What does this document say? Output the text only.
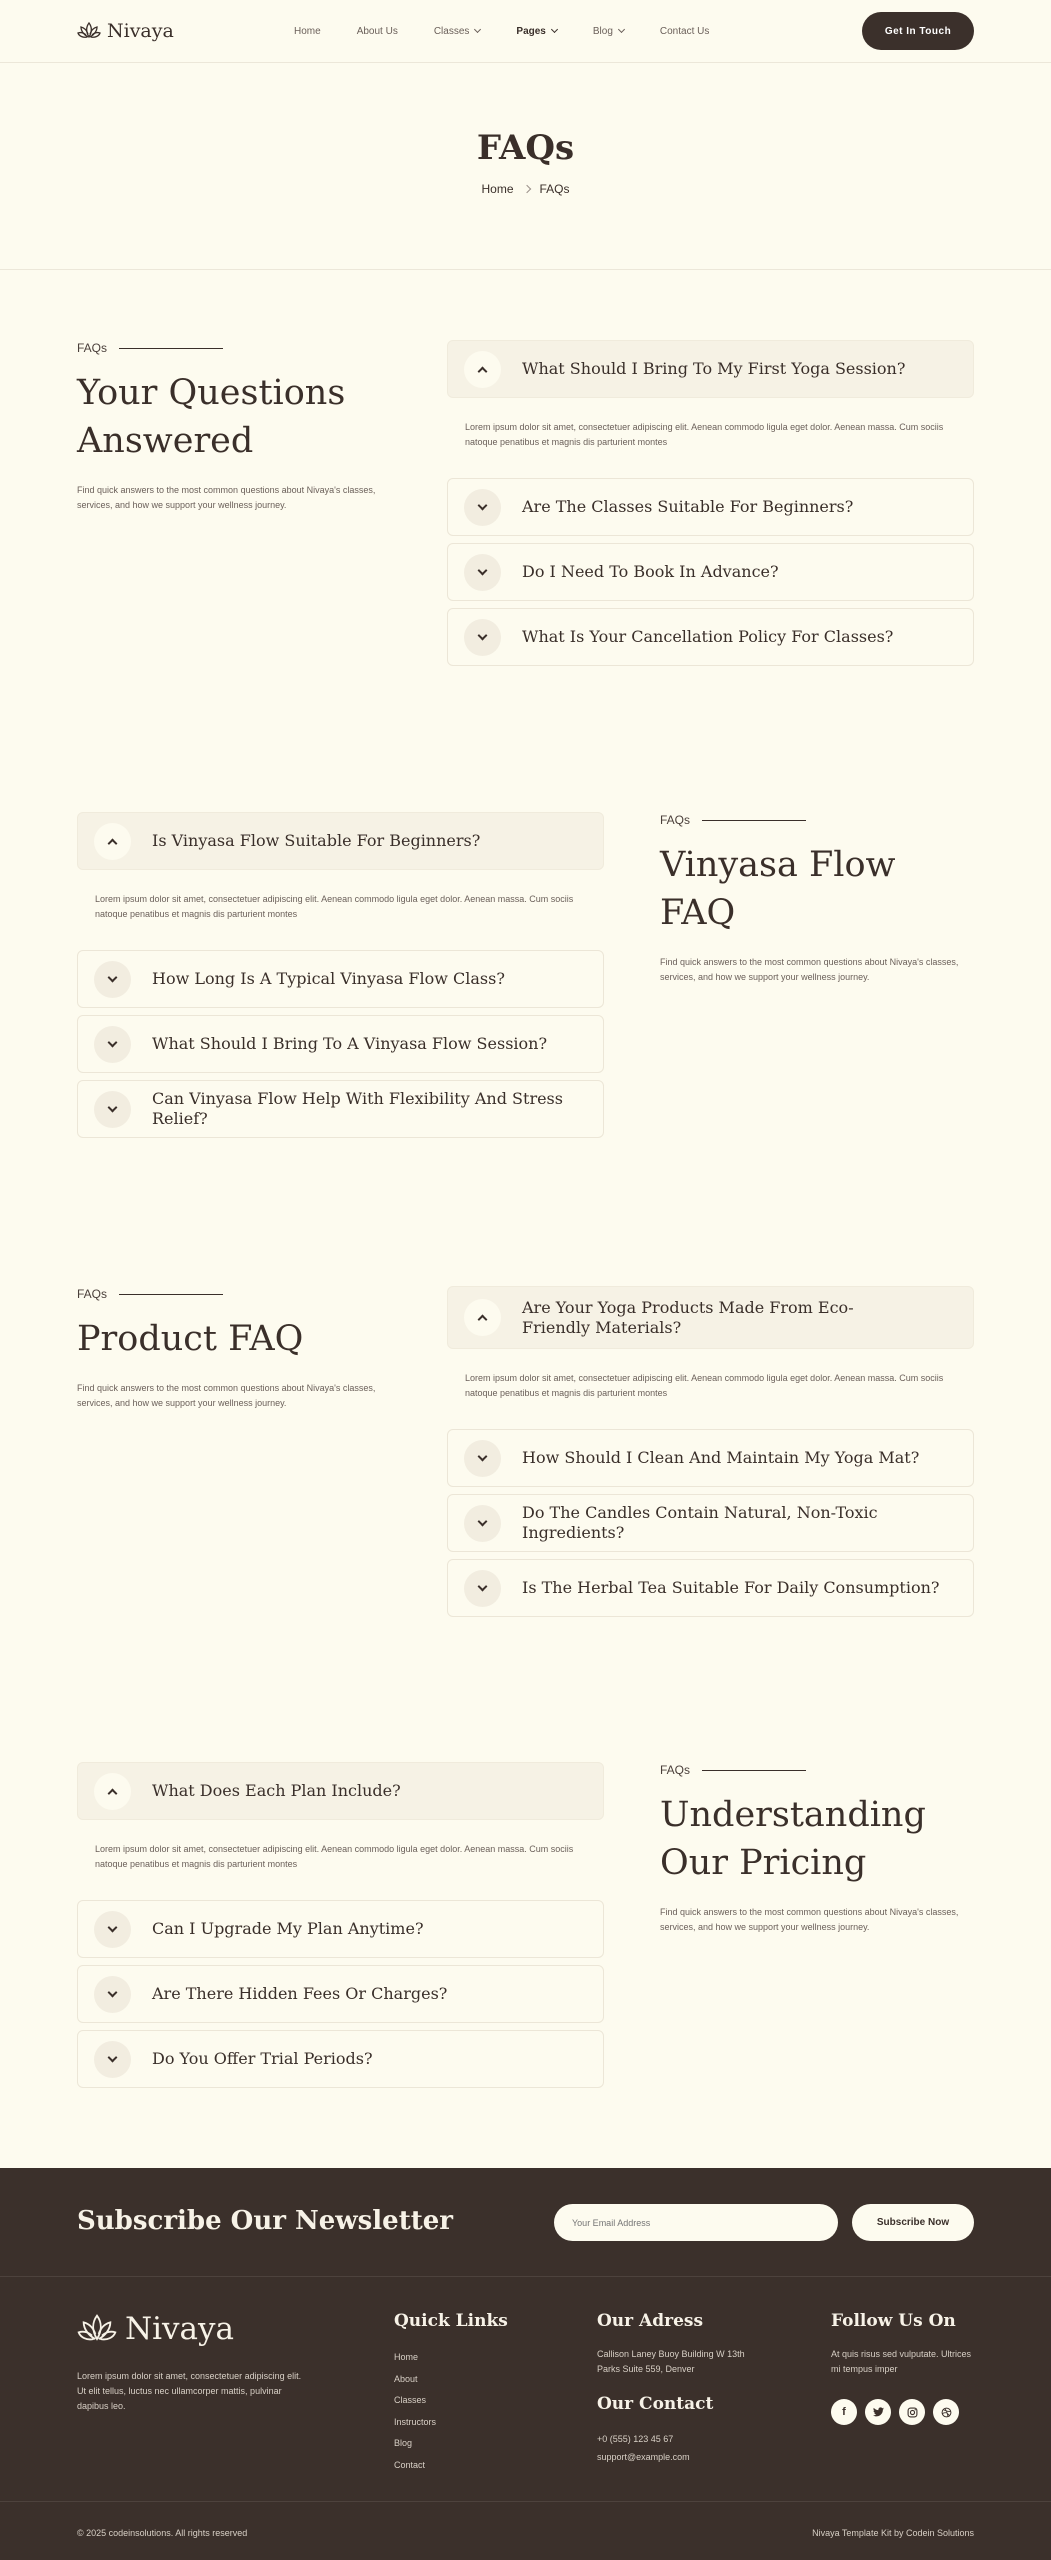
Nivaya	Home	About Us	Classes	Pages	Blog	Contact Us	Get In Touch
FAQs
Home FAQs
FAQs
Your Questions Answered

Find quick answers to the most common questions about Nivaya's classes, services, and how we support your wellness journey.

What Should I Bring To My First Yoga Session?

Lorem ipsum dolor sit amet, consectetuer adipiscing elit. Aenean commodo ligula eget dolor. Aenean massa. Cum sociis natoque penatibus et magnis dis parturient montes

Are The Classes Suitable For Beginners?
Do I Need To Book In Advance?
What Is Your Cancellation Policy For Classes?
Is Vinyasa Flow Suitable For Beginners?

Lorem ipsum dolor sit amet, consectetuer adipiscing elit. Aenean commodo ligula eget dolor. Aenean massa. Cum sociis natoque penatibus et magnis dis parturient montes

How Long Is A Typical Vinyasa Flow Class?
What Should I Bring To A Vinyasa Flow Session?
Can Vinyasa Flow Help With Flexibility And Stress Relief?
FAQs
Vinyasa Flow FAQ

Find quick answers to the most common questions about Nivaya's classes, services, and how we support your wellness journey.

FAQs
Product FAQ

Find quick answers to the most common questions about Nivaya's classes, services, and how we support your wellness journey.

Are Your Yoga Products Made From Eco-Friendly Materials?

Lorem ipsum dolor sit amet, consectetuer adipiscing elit. Aenean commodo ligula eget dolor. Aenean massa. Cum sociis natoque penatibus et magnis dis parturient montes

How Should I Clean And Maintain My Yoga Mat?
Do The Candles Contain Natural, Non-Toxic Ingredients?
Is The Herbal Tea Suitable For Daily Consumption?
What Does Each Plan Include?

Lorem ipsum dolor sit amet, consectetuer adipiscing elit. Aenean commodo ligula eget dolor. Aenean massa. Cum sociis natoque penatibus et magnis dis parturient montes

Can I Upgrade My Plan Anytime?
Are There Hidden Fees Or Charges?
Do You Offer Trial Periods?
FAQs
Understanding Our Pricing

Find quick answers to the most common questions about Nivaya's classes, services, and how we support your wellness journey.

Subscribe Our Newsletter
Your Email Address	Subscribe Now
Nivaya

Lorem ipsum dolor sit amet, consectetuer adipiscing elit. Ut elit tellus, luctus nec ullamcorper mattis, pulvinar dapibus leo.

Quick Links
Home
About
Classes
Instructors
Blog
Contact
Our Adress

Callison Laney Buoy Building W 13th Parks Suite 559, Denver

Our Contact

+0 (555) 123 45 67

support@example.com

Follow Us On

At quis risus sed vulputate. Ultrices mi tempus imper

f
© 2025 codeinsolutions. All rights reserved	Nivaya Template Kit by Codein Solutions
